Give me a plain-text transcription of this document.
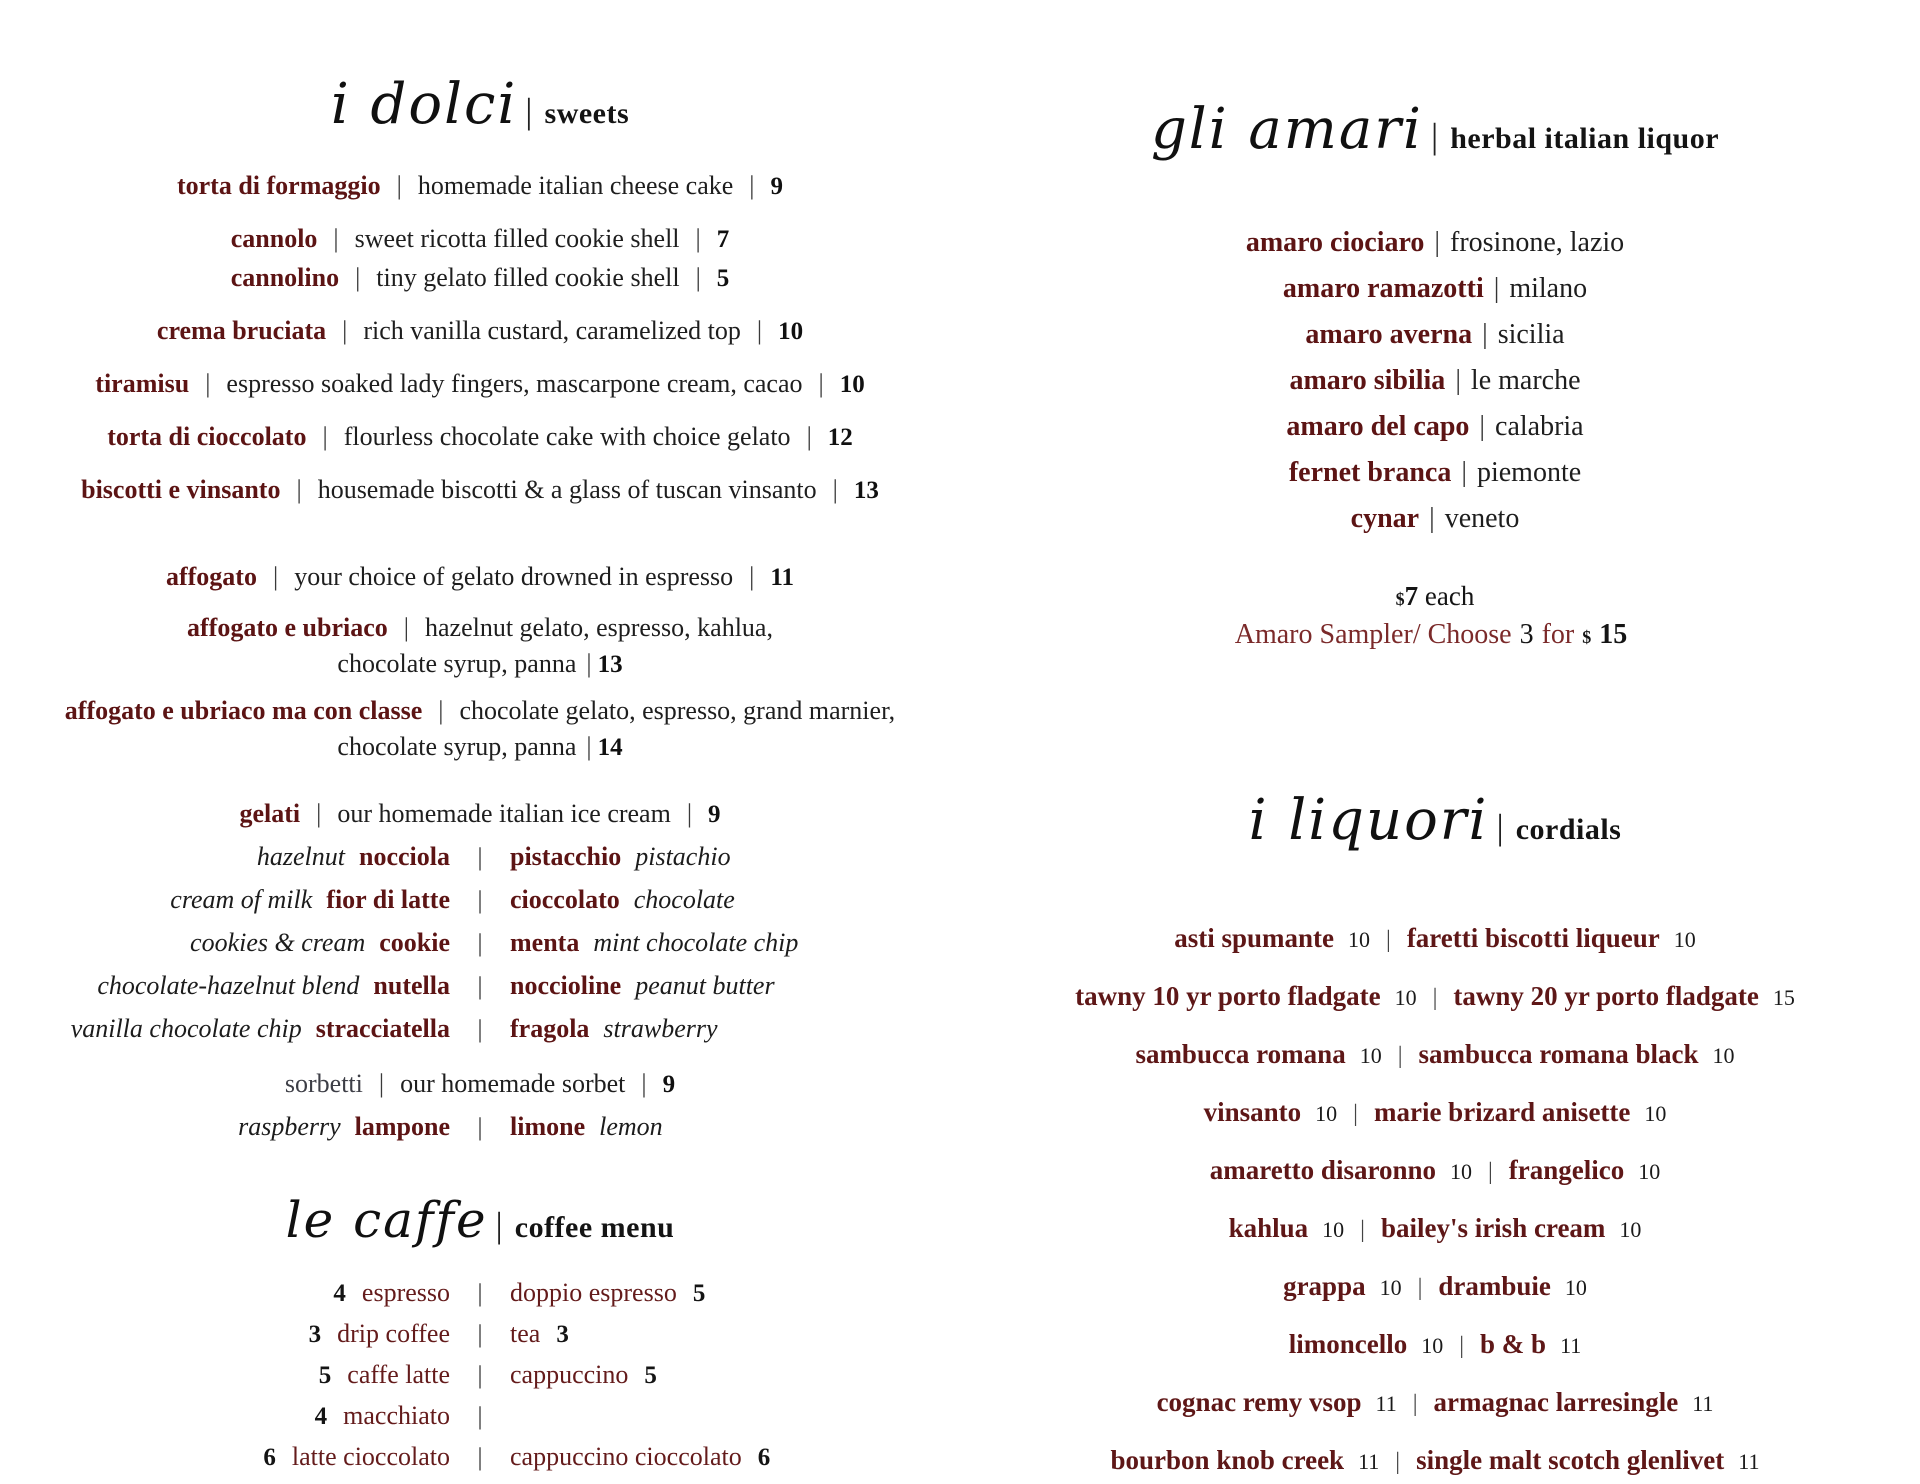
i dolci | sweets
torta di formaggio | homemade italian cheese cake | 9
cannolo | sweet ricotta filled cookie shell | 7
cannolino | tiny gelato filled cookie shell | 5
crema bruciata | rich vanilla custard, caramelized top | 10
tiramisu | espresso soaked lady fingers, mascarpone cream, cacao | 10
torta di cioccolato | flourless chocolate cake with choice gelato | 12
biscotti e vinsanto | housemade biscotti & a glass of tuscan vinsanto | 13
affogato | your choice of gelato drowned in espresso | 11
affogato e ubriaco | hazelnut gelato, espresso, kahlua,
chocolate syrup, panna | 13
affogato e ubriaco ma con classe | chocolate gelato, espresso, grand marnier,
chocolate syrup, panna | 14
gelati | our homemade italian ice cream | 9
hazelnut nocciola	|	pistacchio pistachio
cream of milk fior di latte	|	cioccolato chocolate
cookies & cream cookie	|	menta mint chocolate chip
chocolate-hazelnut blend nutella	|	noccioline peanut butter
vanilla chocolate chip stracciatella	|	fragola strawberry
sorbetti | our homemade sorbet | 9
raspberry lampone	|	limone lemon
le caffe | coffee menu
4 espresso	|	doppio espresso 5
3 drip coffee	|	tea 3
5 caffe latte	|	cappuccino 5
4 macchiato	|
6 latte cioccolato	|	cappuccino cioccolato 6
gli amari | herbal italian liquor
amaro ciociaro | frosinone, lazio
amaro ramazotti | milano
amaro averna | sicilia
amaro sibilia | le marche
amaro del capo | calabria
fernet branca | piemonte
cynar | veneto
$7 each
Amaro Sampler/ Choose 3 for $ 15
i liquori | cordials
asti spumante 10 | faretti biscotti liqueur 10
tawny 10 yr porto fladgate 10 | tawny 20 yr porto fladgate 15
sambucca romana 10 | sambucca romana black 10
vinsanto 10 | marie brizard anisette 10
amaretto disaronno 10 | frangelico 10
kahlua 10 | bailey's irish cream 10
grappa 10 | drambuie 10
limoncello 10 | b & b 11
cognac remy vsop 11 | armagnac larresingle 11
bourbon knob creek 11 | single malt scotch glenlivet 11
